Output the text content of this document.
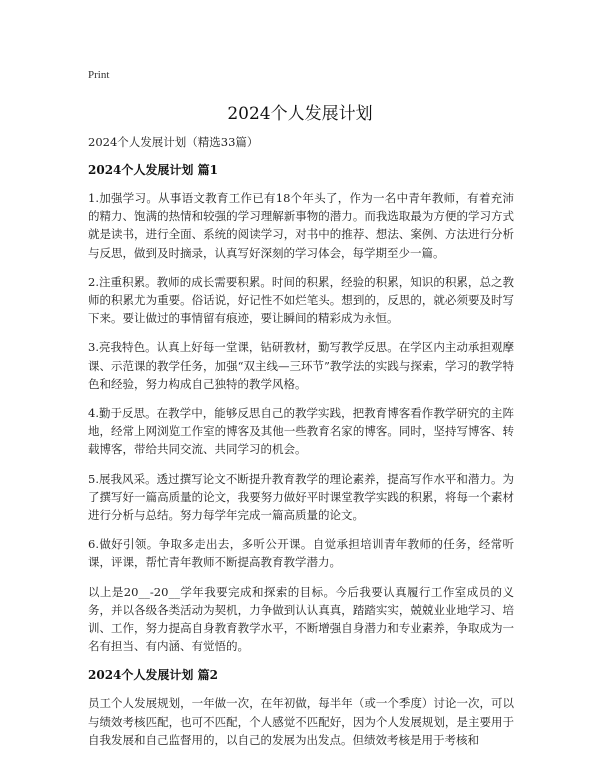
Print
2024个人发展计划

2024个人发展计划（精选33篇）

2024个人发展计划 篇1

1.加强学习。从事语文教育工作已有18个年头了，作为一名中青年教师，有着充沛的精力、饱满的热情和较强的学习理解新事物的潜力。而我选取最为方便的学习方式就是读书，进行全面、系统的阅读学习，对书中的推荐、想法、案例、方法进行分析与反思，做到及时摘录，认真写好深刻的学习体会，每学期至少一篇。

2.注重积累。教师的成长需要积累。时间的积累，经验的积累，知识的积累，总之教师的积累尤为重要。俗话说，好记性不如烂笔头。想到的，反思的，就必须要及时写下来。要让做过的事情留有痕迹，要让瞬间的精彩成为永恒。

3.亮我特色。认真上好每一堂课，钻研教材，勤写教学反思。在学区内主动承担观摩课、示范课的教学任务，加强“双主线—三环节”教学法的实践与探索，学习的教学特色和经验，努力构成自己独特的教学风格。

4.勤于反思。在教学中，能够反思自己的教学实践，把教育博客看作教学研究的主阵地，经常上网浏览工作室的博客及其他一些教育名家的博客。同时，坚持写博客、转载博客，带给共同交流、共同学习的机会。

5.展我风采。透过撰写论文不断提升教育教学的理论素养，提高写作水平和潜力。为了撰写好一篇高质量的论文，我要努力做好平时课堂教学实践的积累，将每一个素材进行分析与总结。努力每学年完成一篇高质量的论文。

6.做好引领。争取多走出去，多听公开课。自觉承担培训青年教师的任务，经常听课，评课，帮忙青年教师不断提高教育教学潜力。

以上是20__-20__学年我要完成和探索的目标。今后我要认真履行工作室成员的义务，并以各级各类活动为契机，力争做到认认真真，踏踏实实，兢兢业业地学习、培训、工作，努力提高自身教育教学水平，不断增强自身潜力和专业素养，争取成为一名有担当、有内涵、有觉悟的。

2024个人发展计划 篇2

员工个人发展规划，一年做一次，在年初做，每半年（或一个季度）讨论一次，可以与绩效考核匹配，也可不匹配，个人感觉不匹配好，因为个人发展规划，是主要用于自我发展和自己监督用的，以自己的发展为出发点。但绩效考核是用于考核和
